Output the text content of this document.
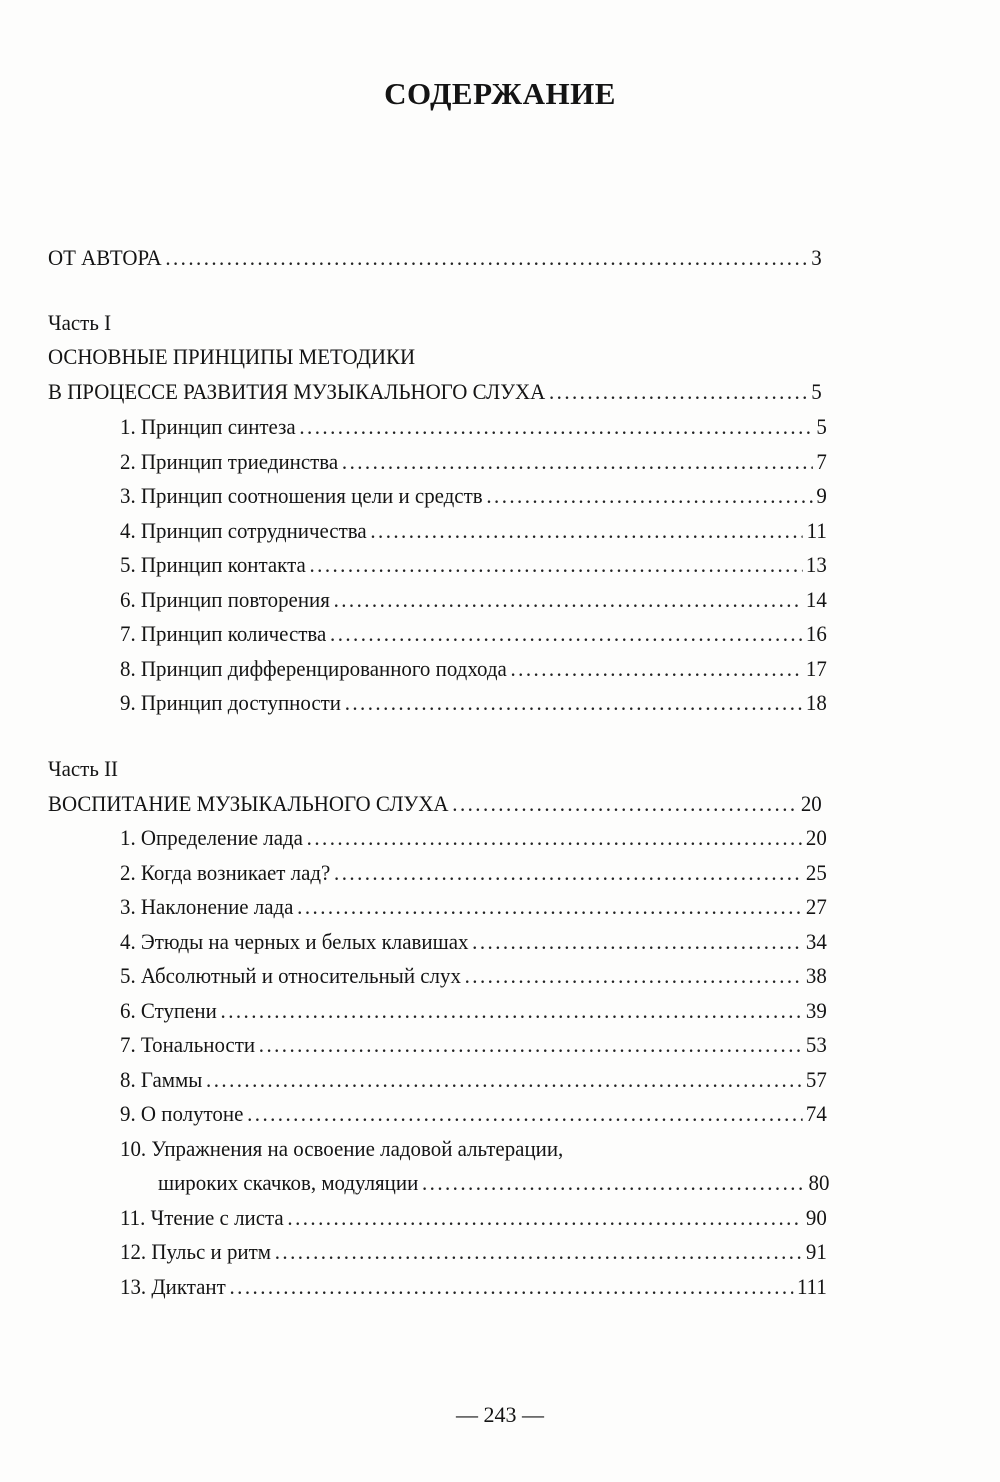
СОДЕРЖАНИЕ
ОТ АВТОРА . . .	3
Часть I
ОСНОВНЫЕ ПРИНЦИПЫ МЕТОДИКИ
В ПРОЦЕССЕ РАЗВИТИЯ МУЗЫКАЛЬНОГО СЛУХА . . .	5
1. Принцип синтеза . . .	5
2. Принцип триединства . . .	7
3. Принцип соотношения цели и средств . . .	9
4. Принцип сотрудничества . . .	11
5. Принцип контакта . . .	13
6. Принцип повторения . . .	14
7. Принцип количества . . .	16
8. Принцип дифференцированного подхода . . .	17
9. Принцип доступности . . .	18
Часть II
ВОСПИТАНИЕ МУЗЫКАЛЬНОГО СЛУХА . . .	20
1. Определение лада . . .	20
2. Когда возникает лад? . . .	25
3. Наклонение лада . . .	27
4. Этюды на черных и белых клавишах . . .	34
5. Абсолютный и относительный слух . . .	38
6. Ступени . . .	39
7. Тональности . . .	53
8. Гаммы . . .	57
9. О полутоне . . .	74
10. Упражнения на освоение ладовой альтерации,
широких скачков, модуляции . . .	80
11. Чтение с листа . . .	90
12. Пульс и ритм . . .	91
13. Диктант . . .	111
— 243 —
